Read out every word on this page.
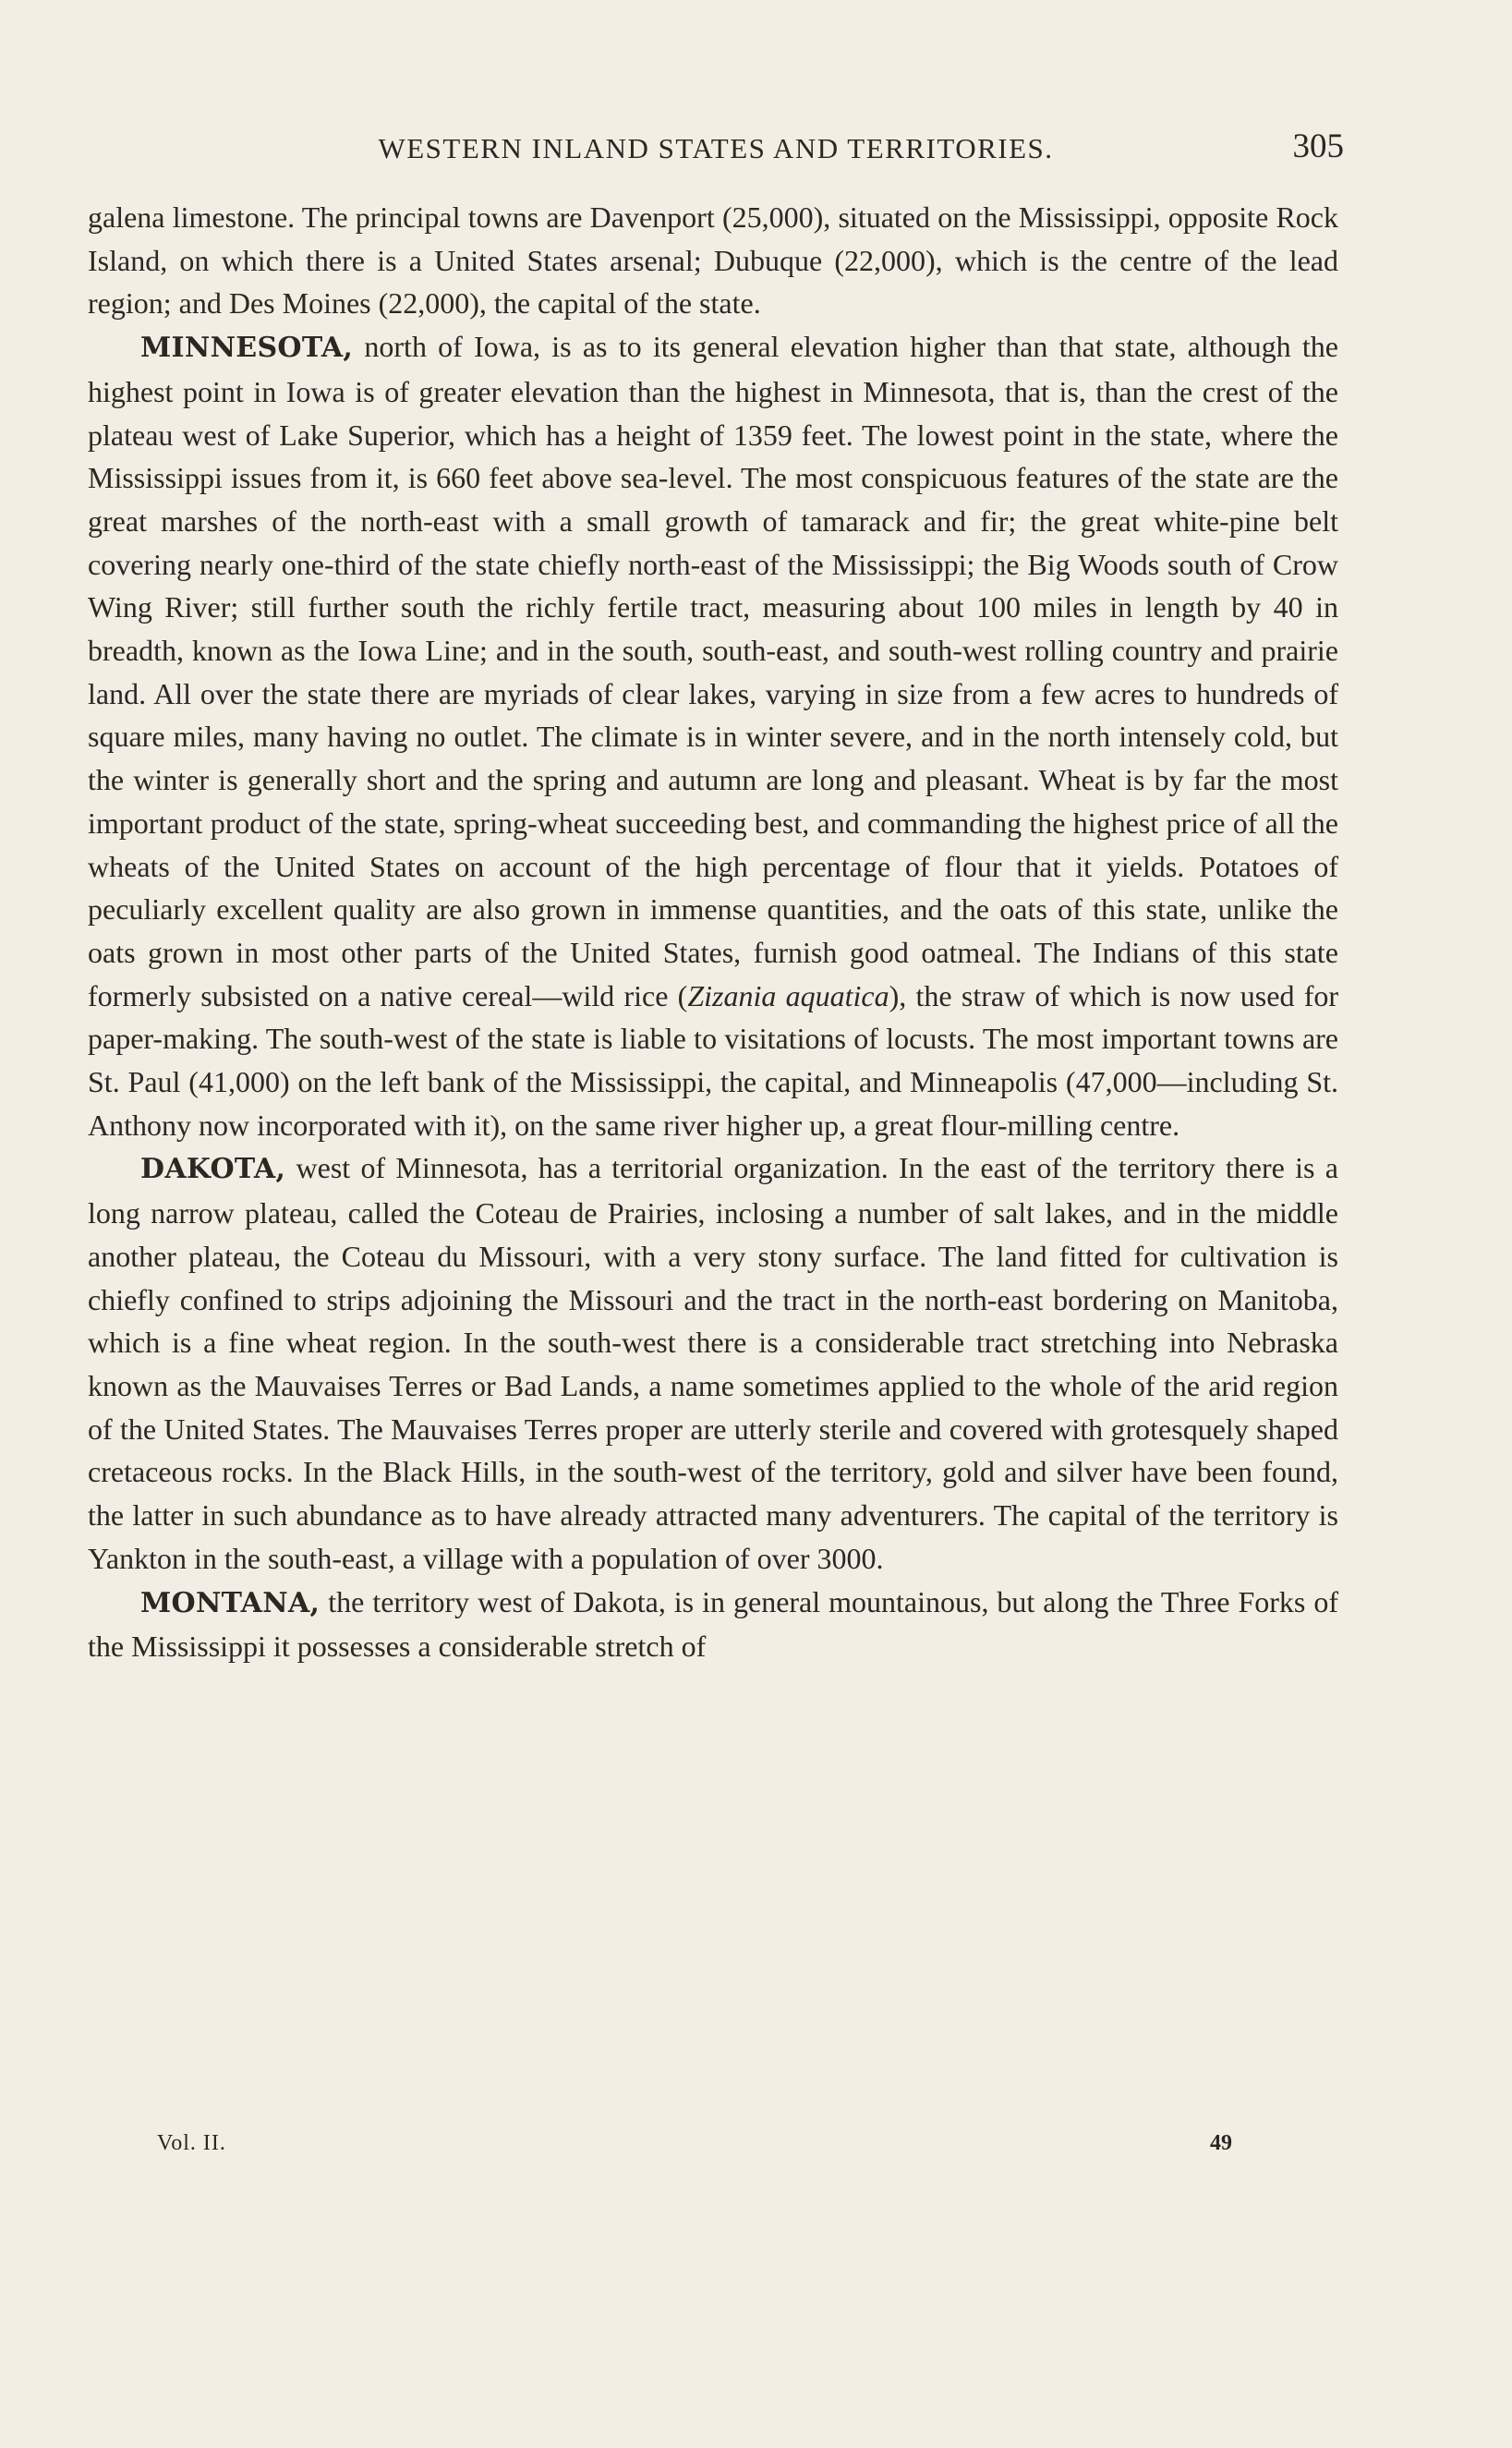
WESTERN INLAND STATES AND TERRITORIES.	305

galena limestone. The principal towns are Davenport (25,000), situated on the Mississippi, opposite Rock Island, on which there is a United States arsenal; Dubuque (22,000), which is the centre of the lead region; and Des Moines (22,000), the capital of the state.

MINNESOTA, north of Iowa, is as to its general elevation higher than that state, although the highest point in Iowa is of greater elevation than the highest in Minnesota, that is, than the crest of the plateau west of Lake Superior, which has a height of 1359 feet. The lowest point in the state, where the Mississippi issues from it, is 660 feet above sea-level. The most conspicuous features of the state are the great marshes of the north-east with a small growth of tamarack and fir; the great white-pine belt covering nearly one-third of the state chiefly north-east of the Mississippi; the Big Woods south of Crow Wing River; still further south the richly fertile tract, measuring about 100 miles in length by 40 in breadth, known as the Iowa Line; and in the south, south-east, and south-west rolling country and prairie land. All over the state there are myriads of clear lakes, varying in size from a few acres to hundreds of square miles, many having no outlet. The climate is in winter severe, and in the north intensely cold, but the winter is generally short and the spring and autumn are long and pleasant. Wheat is by far the most important product of the state, spring-wheat succeeding best, and commanding the highest price of all the wheats of the United States on account of the high percentage of flour that it yields. Potatoes of peculiarly excellent quality are also grown in immense quantities, and the oats of this state, unlike the oats grown in most other parts of the United States, furnish good oatmeal. The Indians of this state formerly subsisted on a native cereal—wild rice (Zizania aquatica), the straw of which is now used for paper-making. The south-west of the state is liable to visitations of locusts. The most important towns are St. Paul (41,000) on the left bank of the Mississippi, the capital, and Minneapolis (47,000—including St. Anthony now incorporated with it), on the same river higher up, a great flour-milling centre.

DAKOTA, west of Minnesota, has a territorial organization. In the east of the territory there is a long narrow plateau, called the Coteau de Prairies, inclosing a number of salt lakes, and in the middle another plateau, the Coteau du Missouri, with a very stony surface. The land fitted for cultivation is chiefly confined to strips adjoining the Missouri and the tract in the north-east bordering on Manitoba, which is a fine wheat region. In the south-west there is a considerable tract stretching into Nebraska known as the Mauvaises Terres or Bad Lands, a name sometimes applied to the whole of the arid region of the United States. The Mauvaises Terres proper are utterly sterile and covered with grotesquely shaped cretaceous rocks. In the Black Hills, in the south-west of the territory, gold and silver have been found, the latter in such abundance as to have already attracted many adventurers. The capital of the territory is Yankton in the south-east, a village with a population of over 3000.

MONTANA, the territory west of Dakota, is in general mountainous, but along the Three Forks of the Mississippi it possesses a considerable stretch of

Vol. II.	49
